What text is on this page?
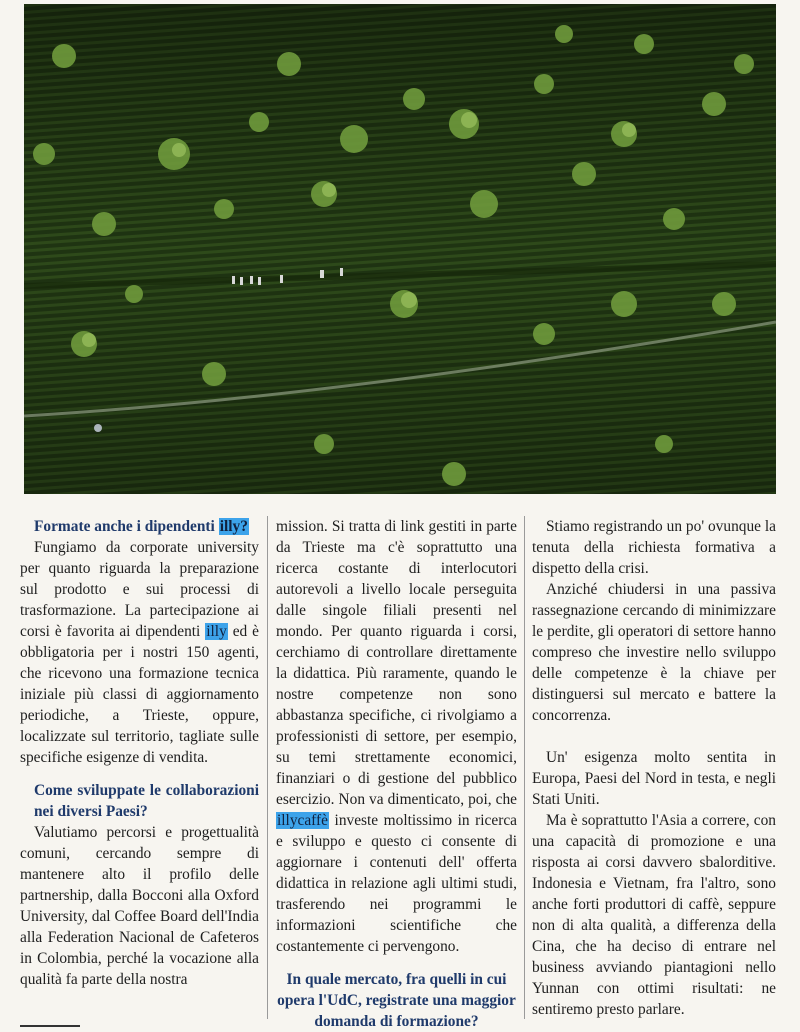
Formate anche i dipendenti illy?

Fungiamo da corporate university per quanto riguarda la preparazione sul prodotto e sui processi di trasformazione. La partecipazione ai corsi è favorita ai dipendenti illy ed è obbligatoria per i nostri 150 agenti, che ricevono una formazione tecnica iniziale più classi di aggiornamento periodiche, a Trieste, oppure, localizzate sul territorio, tagliate sulle specifiche esigenze di vendita.

Come sviluppate le collaborazioni nei diversi Paesi?

Valutiamo percorsi e progettualità comuni, cercando sempre di mantenere alto il profilo delle partnership, dalla Bocconi alla Oxford University, dal Coffee Board dell'India alla Federation Nacional de Cafeteros in Colombia, perché la vocazione alla qualità fa parte della nostra

mission. Si tratta di link gestiti in parte da Trieste ma c'è soprattutto una ricerca costante di interlocutori autorevoli a livello locale perseguita dalle singole filiali presenti nel mondo. Per quanto riguarda i corsi, cerchiamo di controllare direttamente la didattica. Più raramente, quando le nostre competenze non sono abbastanza specifiche, ci rivolgiamo a professionisti di settore, per esempio, su temi strettamente economici, finanziari o di gestione del pubblico esercizio. Non va dimenticato, poi, che illycaffè investe moltissimo in ricerca e sviluppo e questo ci consente di aggiornare i contenuti dell' offerta didattica in relazione agli ultimi studi, trasferendo nei programmi le informazioni scientifiche che costantemente ci pervengono.

In quale mercato, fra quelli in cui opera l'UdC, registrate una maggior domanda di formazione?

Stiamo registrando un po' ovunque la tenuta della richiesta formativa a dispetto della crisi.

Anziché chiudersi in una passiva rassegnazione cercando di minimizzare le perdite, gli operatori di settore hanno compreso che investire nello sviluppo delle competenze è la chiave per distinguersi sul mercato e battere la concorrenza.

Un' esigenza molto sentita in Europa, Paesi del Nord in testa, e negli Stati Uniti.

Ma è soprattutto l'Asia a correre, con una capacità di promozione e una risposta ai corsi davvero sbalorditive. Indonesia e Vietnam, fra l'altro, sono anche forti produttori di caffè, seppure non di alta qualità, a differenza della Cina, che ha deciso di entrare nel business avviando piantagioni nello Yunnan con ottimi risultati: ne sentiremo presto parlare.
